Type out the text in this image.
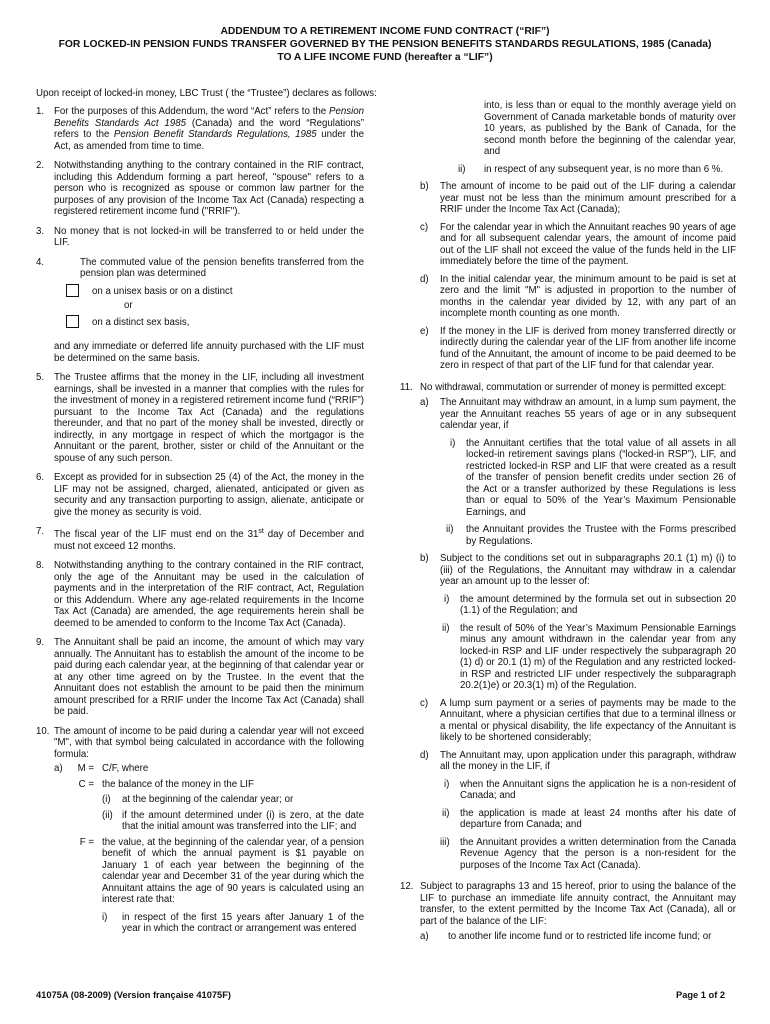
ADDENDUM TO A RETIREMENT INCOME FUND CONTRACT (“RIF”)
FOR LOCKED-IN PENSION FUNDS TRANSFER GOVERNED BY THE PENSION BENEFITS STANDARDS REGULATIONS, 1985 (Canada)
TO A LIFE INCOME FUND (hereafter a “LIF”)
Upon receipt of locked-in money, LBC Trust ( the “Trustee”) declares as follows:
1. For the purposes of this Addendum, the word “Act” refers to the Pension Benefits Standards Act 1985 (Canada) and the word “Regulations” refers to the Pension Benefit Standards Regulations, 1985 under the Act, as amended from time to time.
2. Notwithstanding anything to the contrary contained in the RIF contract, including this Addendum forming a part hereof, "spouse" refers to a person who is recognized as spouse or common law partner for the purposes of any provision of the Income Tax Act (Canada) respecting a registered retirement income fund ("RRIF").
3. No money that is not locked-in will be transferred to or held under the LIF.
4.	The commuted value of the pension benefits transferred from the pension plan was determined
on a unisex basis or on a distinct
or
on a distinct sex basis,
and any immediate or deferred life annuity purchased with the LIF must be determined on the same basis.
5. The Trustee affirms that the money in the LIF, including all investment earnings, shall be invested in a manner that complies with the rules for the investment of money in a registered retirement income fund (“RRIF”) pursuant to the Income Tax Act (Canada) and the regulations thereunder, and that no part of the money shall be invested, directly or indirectly, in any mortgage in respect of which the mortgagor is the Annuitant or the parent, brother, sister or child of the Annuitant or the spouse of any such person.
6. Except as provided for in subsection 25 (4) of the Act, the money in the LIF may not be assigned, charged, alienated, anticipated or given as security and any transaction purporting to assign, alienate, anticipate or give the money as security is void.
7. The fiscal year of the LIF must end on the 31st day of December and must not exceed 12 months.
8. Notwithstanding anything to the contrary contained in the RIF contract, only the age of the Annuitant may be used in the calculation of payments and in the interpretation of the RIF contract, Act, Regulation or this Addendum. Where any age-related requirements in the Income Tax Act (Canada) are amended, the age requirements herein shall be deemed to be amended to conform to the Income Tax Act (Canada).
9. The Annuitant shall be paid an income, the amount of which may vary annually. The Annuitant has to establish the amount of the income to be paid during each calendar year, at the beginning of that calendar year or at any other time agreed on by the Trustee. In the event that the Annuitant does not establish the amount to be paid then the minimum amount prescribed for a RRIF under the Income Tax Act (Canada) shall be paid.
10. The amount of income to be paid during a calendar year will not exceed "M", with that symbol being calculated in accordance with the following formula:
a)	M = C/F, where
C = the balance of the money in the LIF
(i) at the beginning of the calendar year; or
(ii) if the amount determined under (i) is zero, at the date that the initial amount was transferred into the LIF; and
F = the value, at the beginning of the calendar year, of a pension benefit of which the annual payment is $1 payable on January 1 of each year between the beginning of the calendar year and December 31 of the year during which the Annuitant attains the age of 90 years is calculated using an interest rate that:
i) in respect of the first 15 years after January 1 of the year in which the contract or arrangement was entered
into, is less than or equal to the monthly average yield on Government of Canada marketable bonds of maturity over 10 years, as published by the Bank of Canada, for the second month before the beginning of the calendar year, and
ii) in respect of any subsequent year, is no more than 6 %.
b) The amount of income to be paid out of the LIF during a calendar year must not be less than the minimum amount prescribed for a RRIF under the Income Tax Act (Canada);
c) For the calendar year in which the Annuitant reaches 90 years of age and for all subsequent calendar years, the amount of income paid out of the LIF shall not exceed the value of the funds held in the LIF immediately before the time of the payment.
d) In the initial calendar year, the minimum amount to be paid is set at zero and the limit "M" is adjusted in proportion to the number of months in the calendar year divided by 12, with any part of an incomplete month counting as one month.
e) If the money in the LIF is derived from money transferred directly or indirectly during the calendar year of the LIF from another life income fund of the Annuitant, the amount of income to be paid deemed to be zero in respect of that part of the LIF fund for that calendar year.
11. No withdrawal, commutation or surrender of money is permitted except:
a) The Annuitant may withdraw an amount, in a lump sum payment, the year the Annuitant reaches 55 years of age or in any subsequent calendar year, if
i) the Annuitant certifies that the total value of all assets in all locked-in retirement savings plans (“locked-in RSP”), LIF, and restricted locked-in RSP and LIF that were created as a result of the transfer of pension benefit credits under section 26 of the Act or a transfer authorized by these Regulations is less than or equal to 50% of the Year’s Maximum Pensionable Earnings, and
ii) the Annuitant provides the Trustee with the Forms prescribed by Regulations.
b) Subject to the conditions set out in subparagraphs 20.1 (1) m) (i) to (iii) of the Regulations, the Annuitant may withdraw in a calendar year an amount up to the lesser of:
i) the amount determined by the formula set out in subsection 20 (1.1) of the Regulation; and
ii) the result of 50% of the Year’s Maximum Pensionable Earnings minus any amount withdrawn in the calendar year from any locked-in RSP and LIF under respectively the subparagraph 20 (1) d) or 20.1 (1) m) of the Regulation and any restricted locked-in RSP and restricted LIF under respectively the subparagraph 20.2(1)e) or 20.3(1) m) of the Regulation.
c) A lump sum payment or a series of payments may be made to the Annuitant, where a physician certifies that due to a terminal illness or a mental or physical disability, the life expectancy of the Annuitant is likely to be shortened considerably;
d) The Annuitant may, upon application under this paragraph, withdraw all the money in the LIF, if
i) when the Annuitant signs the application he is a non-resident of Canada; and
ii) the application is made at least 24 months after his date of departure from Canada; and
iii) the Annuitant provides a written determination from the Canada Revenue Agency that the person is a non-resident for the purposes of the Income Tax Act (Canada).
12. Subject to paragraphs 13 and 15 hereof, prior to using the balance of the LIF to purchase an immediate life annuity contract, the Annuitant may transfer, to the extent permitted by the Income Tax Act (Canada), all or part of the balance of the LIF:
a) to another life income fund or to restricted life income fund; or
41075A (08-2009) (Version française 41075F)	Page 1 of 2
